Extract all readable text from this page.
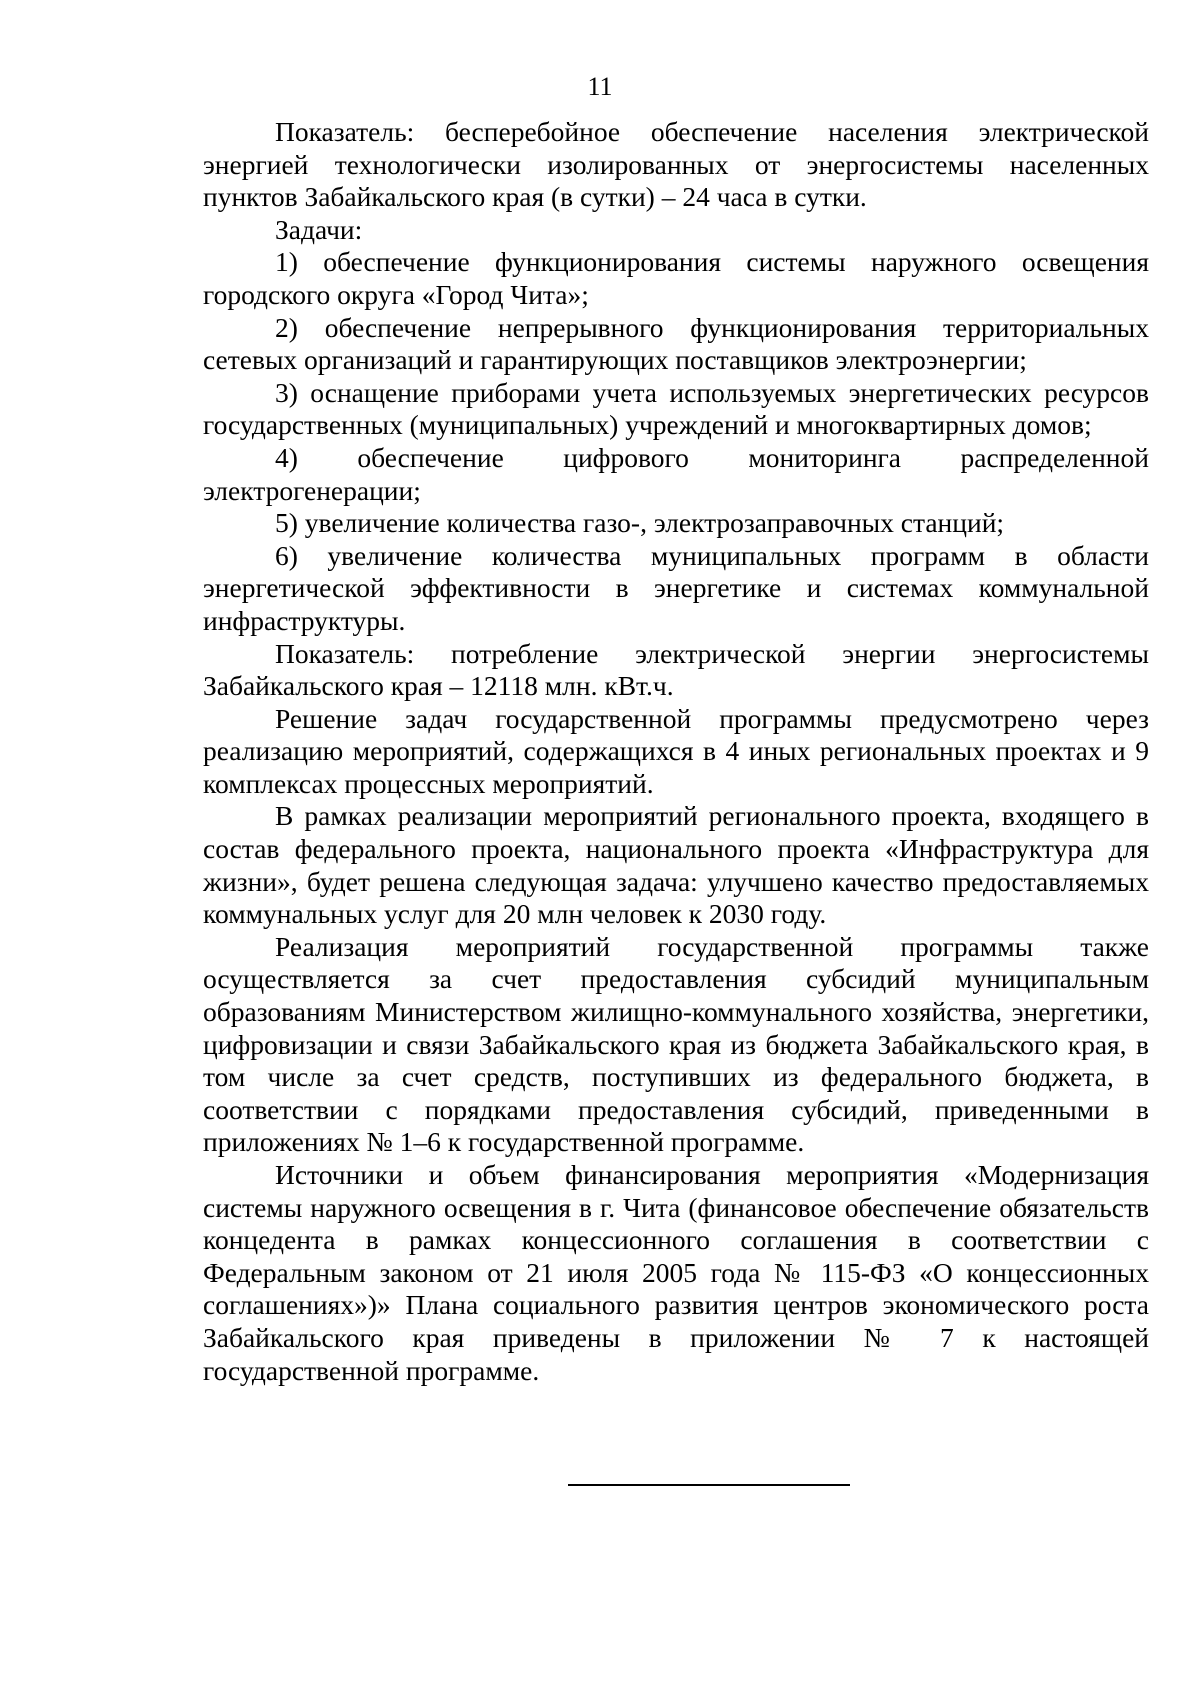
11

Показатель: бесперебойное обеспечение населения электрической энергией технологически изолированных от энергосистемы населенных пунктов Забайкальского края (в сутки) – 24 часа в сутки.

Задачи:

1) обеспечение функционирования системы наружного освещения городского округа «Город Чита»;

2) обеспечение непрерывного функционирования территориальных сетевых организаций и гарантирующих поставщиков электроэнергии;

3) оснащение приборами учета используемых энергетических ресурсов государственных (муниципальных) учреждений и многоквартирных домов;

4) обеспечение цифрового мониторинга распределенной электрогенерации;

5) увеличение количества газо-, электрозаправочных станций;

6) увеличение количества муниципальных программ в области энергетической эффективности в энергетике и системах коммунальной инфраструктуры.

Показатель: потребление электрической энергии энергосистемы Забайкальского края – 12118 млн. кВт.ч.

Решение задач государственной программы предусмотрено через реализацию мероприятий, содержащихся в 4 иных региональных проектах и 9 комплексах процессных мероприятий.

В рамках реализации мероприятий регионального проекта, входящего в состав федерального проекта, национального проекта «Инфраструктура для жизни», будет решена следующая задача: улучшено качество предоставляемых коммунальных услуг для 20 млн человек к 2030 году.

Реализация мероприятий государственной программы также осуществляется за счет предоставления субсидий муниципальным образованиям Министерством жилищно-коммунального хозяйства, энергетики, цифровизации и связи Забайкальского края из бюджета Забайкальского края, в том числе за счет средств, поступивших из федерального бюджета, в соответствии с порядками предоставления субсидий, приведенными в приложениях № 1–6 к государственной программе.

Источники и объем финансирования мероприятия «Модернизация системы наружного освещения в г. Чита (финансовое обеспечение обязательств концедента в рамках концессионного соглашения в соответствии с Федеральным законом от 21 июля 2005 года № 115-ФЗ «О концессионных соглашениях»)» Плана социального развития центров экономического роста Забайкальского края приведены в приложении № 7 к настоящей государственной программе.
